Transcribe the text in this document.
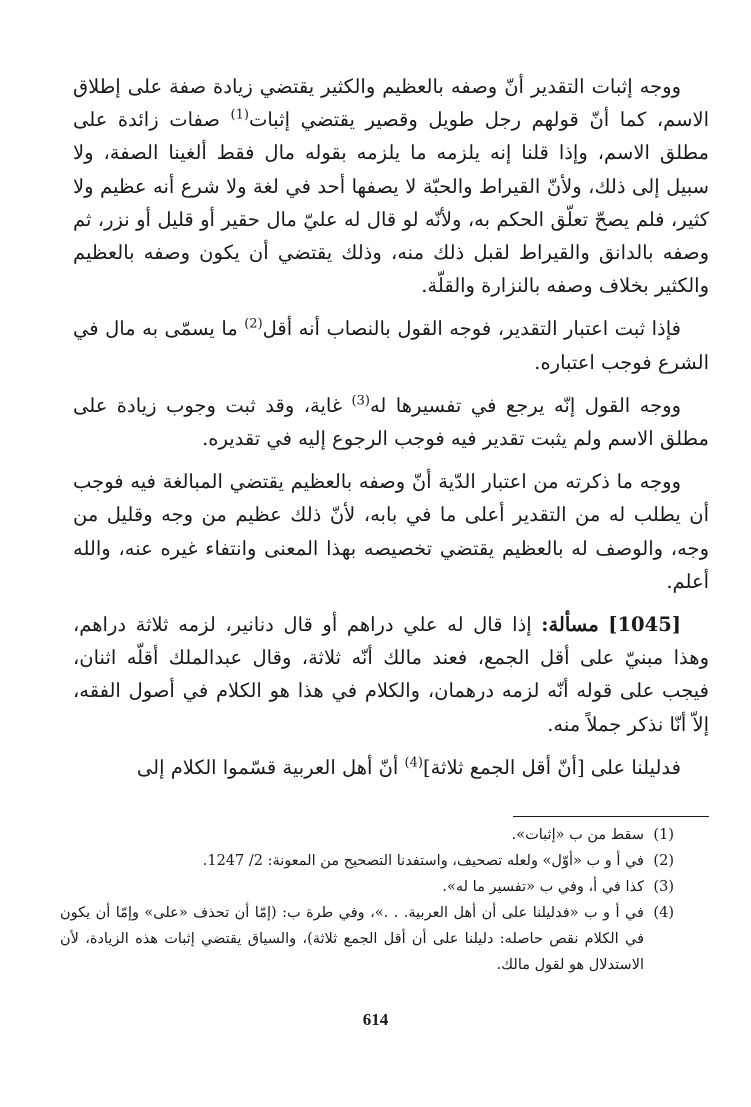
ووجه إثبات التقدير أنّ وصفه بالعظيم والكثير يقتضي زيادة صفة على إطلاق الاسم، كما أنّ قولهم رجل طويل وقصير يقتضي إثبات$^{(1)}$ صفات زائدة على مطلق الاسم، وإذا قلنا إنه يلزمه ما يلزمه بقوله مال فقط ألغينا الصفة، ولا سبيل إلى ذلك، ولأنّ القيراط والحبّة لا يصفها أحد في لغة ولا شرع أنه عظيم ولا كثير، فلم يصحّ تعلّق الحكم به، ولأنّه لو قال له عليّ مال حقير أو قليل أو نزر، ثم وصفه بالدانق والقيراط لقبل ذلك منه، وذلك يقتضي أن يكون وصفه بالعظيم والكثير بخلاف وصفه بالنزارة والقلّة.

فإذا ثبت اعتبار التقدير، فوجه القول بالنصاب أنه أقل$^{(2)}$ ما يسمّى به مال في الشرع فوجب اعتباره.

ووجه القول إنّه يرجع في تفسيرها له$^{(3)}$ غاية، وقد ثبت وجوب زيادة على مطلق الاسم ولم يثبت تقدير فيه فوجب الرجوع إليه في تقديره.

ووجه ما ذكرته من اعتبار الدّية أنّ وصفه بالعظيم يقتضي المبالغة فيه فوجب أن يطلب له من التقدير أعلى ما في بابه، لأنّ ذلك عظيم من وجه وقليل من وجه، والوصف له بالعظيم يقتضي تخصيصه بهذا المعنى وانتفاء غيره عنه، والله أعلم.

[1045] مسألة: إذا قال له علي دراهم أو قال دنانير، لزمه ثلاثة دراهم، وهذا مبنيّ على أقل الجمع، فعند مالك أنّه ثلاثة، وقال عبدالملك أقلّه اثنان، فيجب على قوله أنّه لزمه درهمان، والكلام في هذا هو الكلام في أصول الفقه، إلاّ أنّا نذكر جملاً منه.

فدليلنا على [أنّ أقل الجمع ثلاثة]$^{(4)}$ أنّ أهل العربية قسّموا الكلام إلى

(1)
سقط من ب «إثبات».
(2)
في أ و ب «أوّل» ولعله تصحيف، واستفدنا التصحيح من المعونة: 2/ 1247.
(3)
كذا في أ، وفي ب «تفسير ما له».
(4)
في أ و ب «فدليلنا على أن أهل العربية. . .»، وفي طرة ب: (إمّا أن تحذف «على» وإمّا أن يكون في الكلام نقص حاصله: دليلنا على أن أقل الجمع ثلاثة)، والسياق يقتضي إثبات هذه الزيادة، لأن الاستدلال هو لقول مالك.
614
